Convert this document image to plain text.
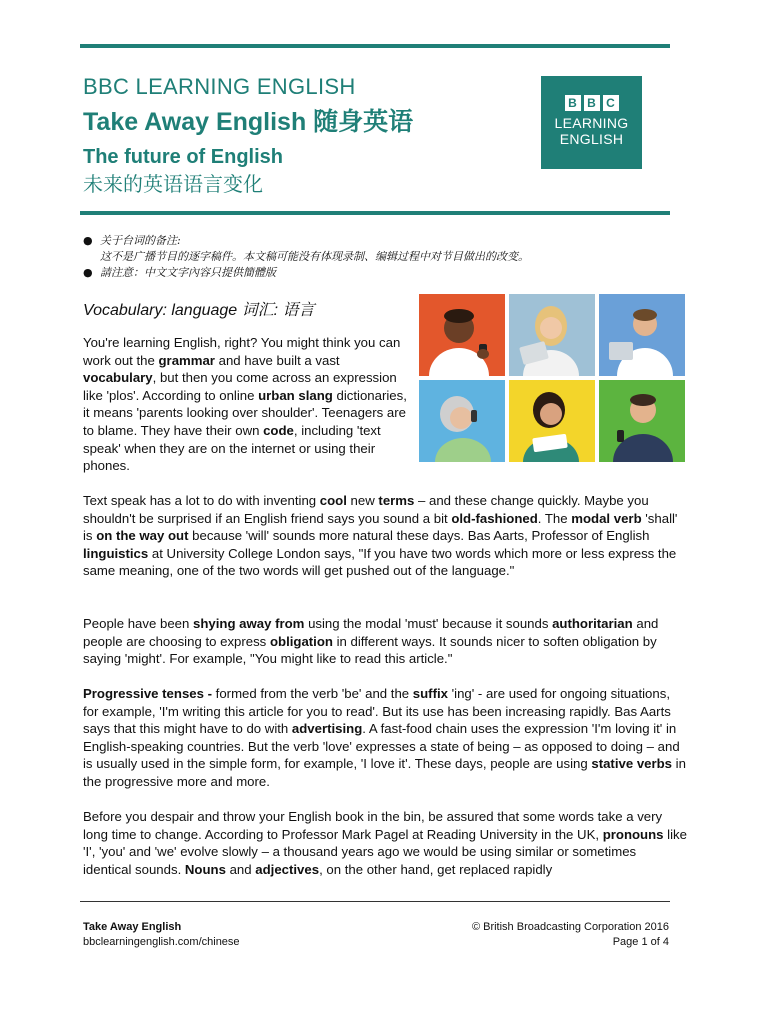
BBC LEARNING ENGLISH
Take Away English 随身英语
The future of English
未来的英语语言变化
B B C
LEARNING
ENGLISH
● 关于台词的备注:
这不是广播节目的逐字稿件。本文稿可能没有体现录制、编辑过程中对节目做出的改变。
● 請注意：中文文字內容只提供簡體版
Vocabulary: language 词汇: 语言

You're learning English, right? You might think you can work out the grammar and have built a vast vocabulary, but then you come across an expression like 'plos'. According to online urban slang dictionaries, it means 'parents looking over shoulder'. Teenagers are to blame. They have their own code, including 'text speak' when they are on the internet or using their phones.

Text speak has a lot to do with inventing cool new terms – and these change quickly. Maybe you shouldn't be surprised if an English friend says you sound a bit old-fashioned. The modal verb 'shall' is on the way out because 'will' sounds more natural these days. Bas Aarts, Professor of English linguistics at University College London says, "If you have two words which more or less express the same meaning, one of the two words will get pushed out of the language."

People have been shying away from using the modal 'must' because it sounds authoritarian and people are choosing to express obligation in different ways. It sounds nicer to soften obligation by saying 'might'. For example, "You might like to read this article."

Progressive tenses - formed from the verb 'be' and the suffix 'ing' - are used for ongoing situations, for example, 'I'm writing this article for you to read'. But its use has been increasing rapidly. Bas Aarts says that this might have to do with advertising. A fast-food chain uses the expression 'I'm loving it' in English-speaking countries. But the verb 'love' expresses a state of being – as opposed to doing – and is usually used in the simple form, for example, 'I love it'. These days, people are using stative verbs in the progressive more and more.

Before you despair and throw your English book in the bin, be assured that some words take a very long time to change. According to Professor Mark Pagel at Reading University in the UK, pronouns like 'I', 'you' and 'we' evolve slowly – a thousand years ago we would be using similar or sometimes identical sounds. Nouns and adjectives, on the other hand, get replaced rapidly

Take Away English
bbclearningenglish.com/chinese
© British Broadcasting Corporation 2016
Page 1 of 4
